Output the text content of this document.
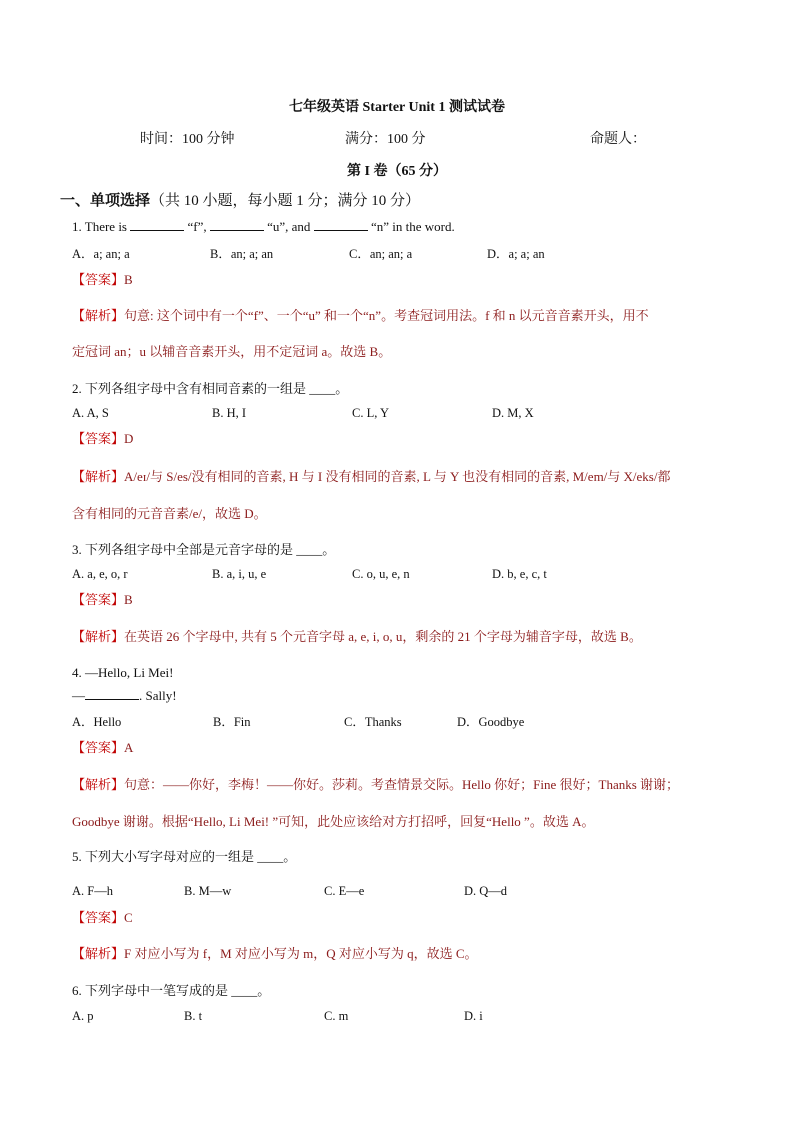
七年级英语 Starter Unit 1 测试试卷
时间：100 分钟	满分：100 分	命题人：
第 I 卷（65 分）
一、单项选择（共 10 小题，每小题 1 分；满分 10 分）
1. There is	“f”,	“u”, and	“n” in the word.
A．a; an; a	B．an; a; an	C．an; an; a	D．a; a; an
【答案】B
【解析】句意: 这个词中有一个“f”、一个“u” 和一个“n”。考查冠词用法。f 和 n 以元音音素开头，用不
定冠词 an；u 以辅音音素开头，用不定冠词 a。故选 B。
2. 下列各组字母中含有相同音素的一组是 ____。
A. A, S	B. H, I	C. L, Y	D. M, X
【答案】D
【解析】A/eɪ/与 S/es/没有相同的音素, H 与 I 没有相同的音素, L 与 Y 也没有相同的音素, M/em/与 X/eks/都
含有相同的元音音素/e/，故选 D。
3. 下列各组字母中全部是元音字母的是 ____。
A. a, e, o, r	B. a, i, u, e	C. o, u, e, n	D. b, e, c, t
【答案】B
【解析】在英语 26 个字母中, 共有 5 个元音字母 a, e, i, o, u，剩余的 21 个字母为辅音字母，故选 B。
4. —Hello, Li Mei!
—	. Sally!
A．Hello	B．Fin	C．Thanks	D．Goodbye
【答案】A
【解析】句意：——你好，李梅！——你好。莎莉。考查情景交际。Hello 你好；Fine 很好；Thanks 谢谢；
Goodbye 谢谢。根据“Hello, Li Mei! ”可知，此处应该给对方打招呼，回复“Hello ”。故选 A。
5. 下列大小写字母对应的一组是 ____。
A. F—h	B. M—w	C. E—e	D. Q—d
【答案】C
【解析】F 对应小写为 f，M 对应小写为 m，Q 对应小写为 q，故选 C。
6. 下列字母中一笔写成的是 ____。
A. p	B. t	C. m	D. i
